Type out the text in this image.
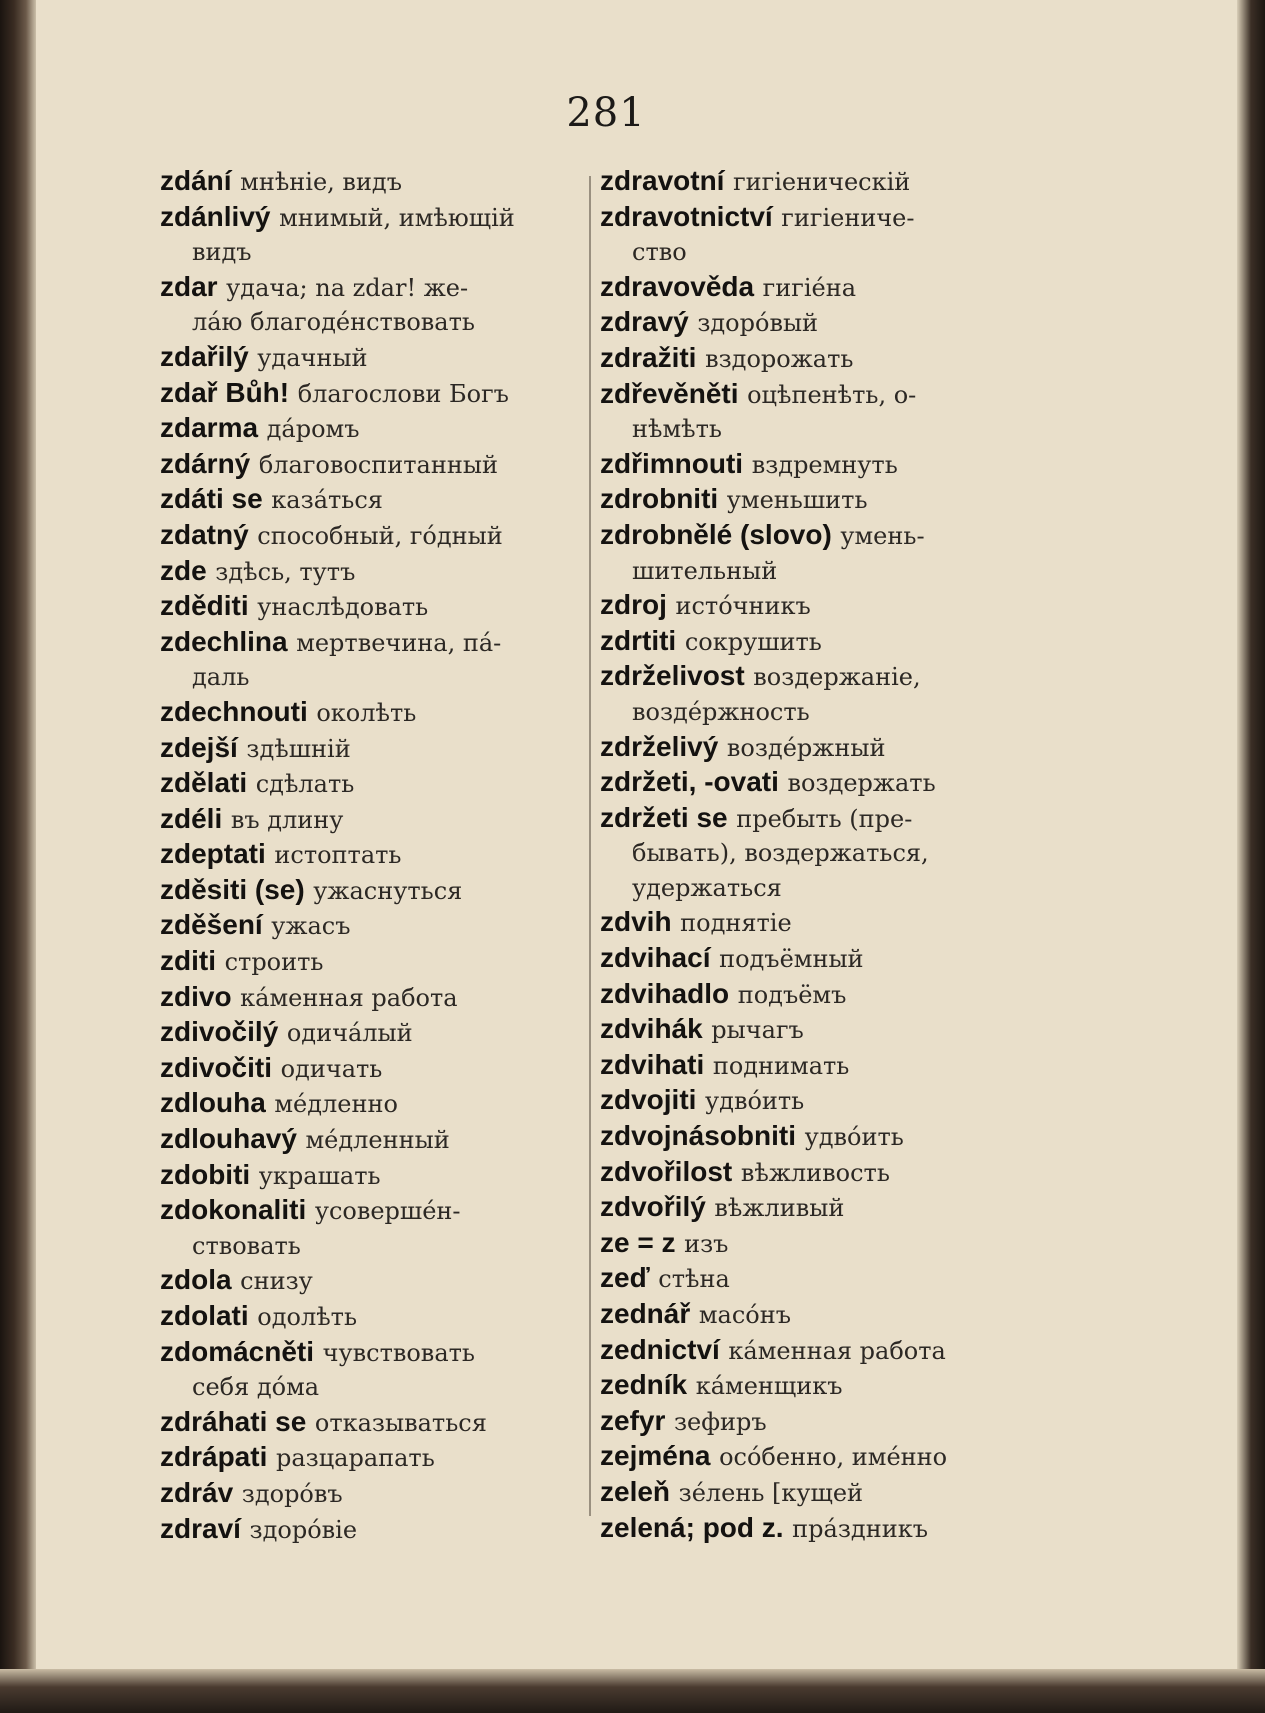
281
zdání мнѣніе, видъ
zdánlivý мнимый, имѣющій
видъ
zdar удача; na zdar! же-
лáю благодéнствовать
zdařilý удачный
zdař Bůh! благослови Богъ
zdarma дáромъ
zdárný благовоспитанный
zdáti se казáться
zdatný способный, гóдный
zde здѣсь, тутъ
zděditi унаслѣдовать
zdechlina мертвечина, пá-
даль
zdechnouti околѣть
zdejší здѣшній
zdělati сдѣлать
zdéli въ длину
zdeptati истоптать
zděsiti (se) ужаснуться
zděšení ужасъ
zditi строить
zdivo кáменная работа
zdivočilý одичáлый
zdivočiti одичать
zdlouha мéдленно
zdlouhavý мéдленный
zdobiti украшать
zdokonaliti усовершéн-
ствовать
zdola снизу
zdolati одолѣть
zdomácněti чувствовать
себя дóма
zdráhati se отказываться
zdrápati разцарапать
zdráv здорóвъ
zdraví здорóвіе
zdravotní гигіеническій
zdravotnictví гигіениче-
ство
zdravověda гигіéна
zdravý здорóвый
zdražiti вздорожать
zdřevěněti оцѣпенѣть, о-
нѣмѣть
zdřimnouti вздремнуть
zdrobniti уменьшить
zdrobnělé (slovo) умень-
шительный
zdroj истóчникъ
zdrtiti сокрушить
zdrželivost воздержаніе,
воздéржность
zdrželivý воздéржный
zdržeti, -ovati воздержать
zdržeti se пребыть (пре-
бывать), воздержаться,
удержаться
zdvih поднятіе
zdvihací подъёмный
zdvihadlo подъёмъ
zdvihák рычагъ
zdvihati поднимать
zdvojiti удвóить
zdvojnásobniti удвóить
zdvořilost вѣжливость
zdvořilý вѣжливый
ze = z изъ
zeď стѣна
zednář масóнъ
zednictví кáменная работа
zedník кáменщикъ
zefyr зефиръ
zejména осóбенно, имéнно
zeleň зéлень [кущей
zelená; pod z. прáздникъ
